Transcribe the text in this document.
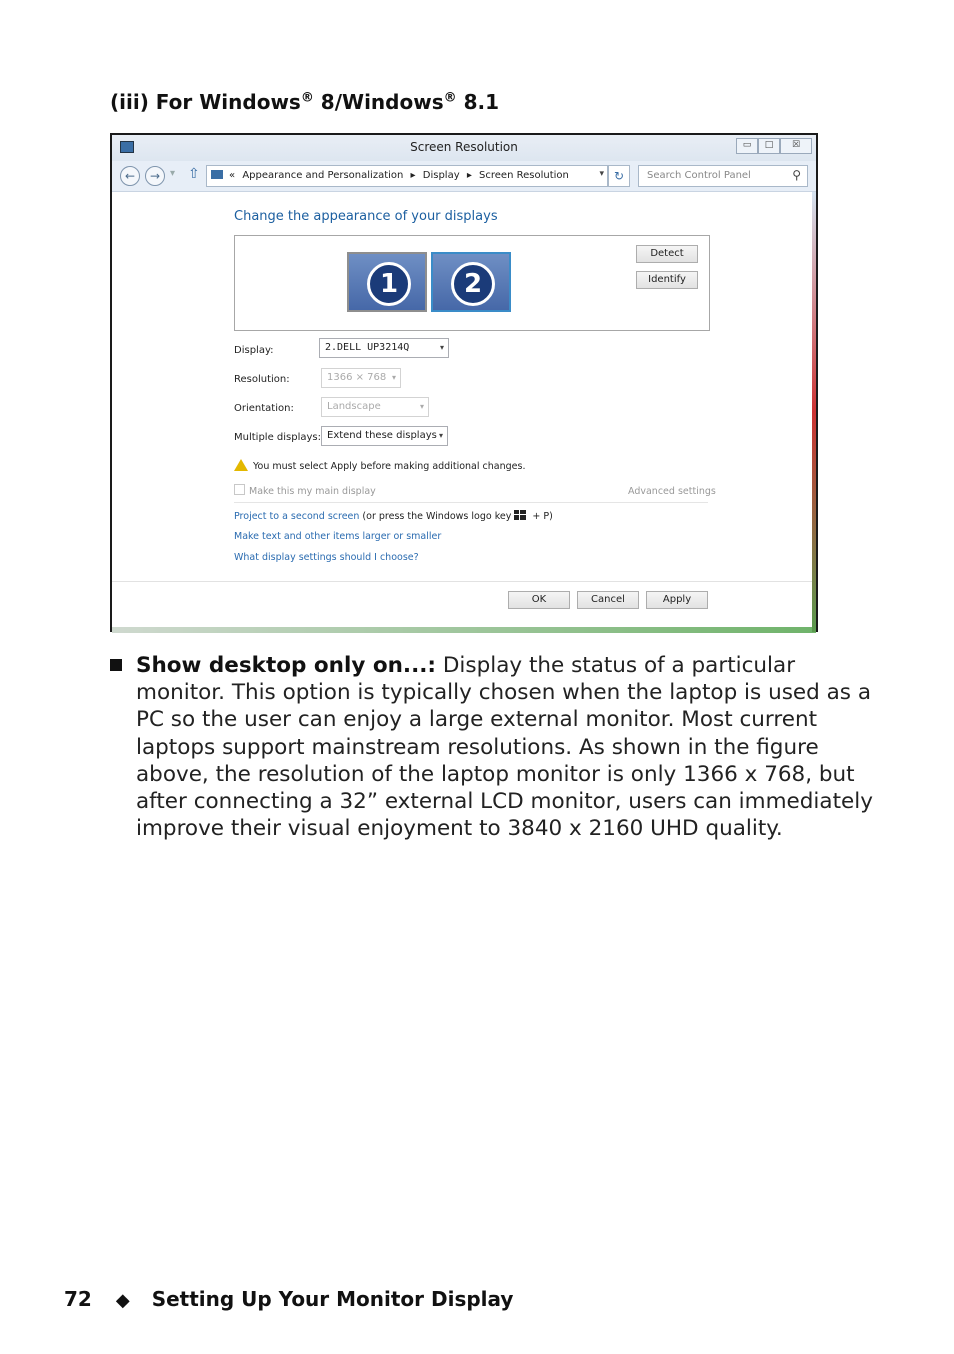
(iii) For Windows® 8/Windows® 8.1
Screen Resolution	▭	□	☒
←	→ ▾ ⇧	« Appearance and Personalization ▸ Display ▸ Screen Resolution	▾ ↻	Search Control Panel	⚲
Change the appearance of your displays
1	2
Detect
Identify
Display:	2.DELL UP3214Q	▾
Resolution:	1366 × 768 ▾
Orientation:	Landscape	▾
Multiple displays: Extend these displays ▾
You must select Apply before making additional changes.
Make this my main display	Advanced settings
Project to a second screen (or press the Windows logo key + P)
Make text and other items larger or smaller
What display settings should I choose?
OK	Cancel	Apply
Show desktop only on...: Display the status of a particular monitor. This option is typically chosen when the laptop is used as a PC so the user can enjoy a large external monitor. Most current laptops support mainstream resolutions. As shown in the figure above, the resolution of the laptop monitor is only 1366 x 768, but after connecting a 32” external LCD monitor, users can immediately improve their visual enjoyment to 3840 x 2160 UHD quality.
72 ◆ Setting Up Your Monitor Display
